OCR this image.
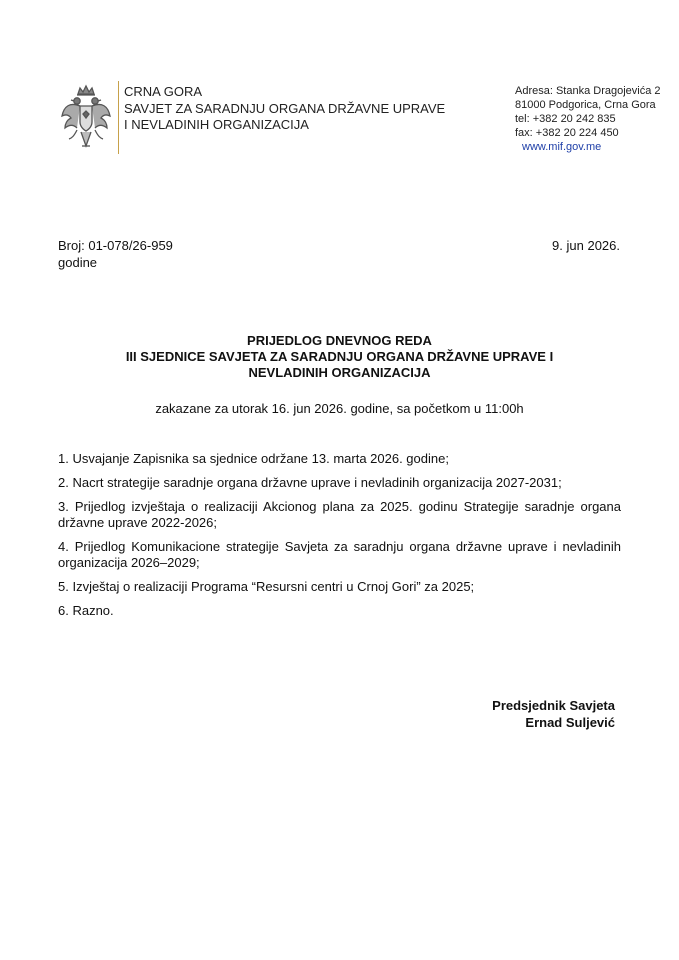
CRNA GORA
SAVJET ZA SARADNJU ORGANA DRŽAVNE UPRAVE
I NEVLADINIH ORGANIZACIJA
Adresa: Stanka Dragojevića 2
81000 Podgorica, Crna Gora
tel: +382 20 242 835
fax: +382 20 224 450
www.mif.gov.me
Broj: 01-078/26-959
godine
9. jun 2026.
PRIJEDLOG DNEVNOG REDA
III SJEDNICE SAVJETA ZA SARADNJU ORGANA DRŽAVNE UPRAVE I
NEVLADINIH ORGANIZACIJA
zakazane za utorak 16. jun 2026. godine, sa početkom u 11:00h
1. Usvajanje Zapisnika sa sjednice održane 13. marta 2026. godine;
2. Nacrt strategije saradnje organa državne uprave i nevladinih organizacija 2027-2031;
3. Prijedlog izvještaja o realizaciji Akcionog plana za 2025. godinu Strategije saradnje organa državne uprave 2022-2026;
4. Prijedlog Komunikacione strategije Savjeta za saradnju organa državne uprave i nevladinih organizacija 2026–2029;
5. Izvještaj o realizaciji Programa “Resursni centri u Crnoj Gori” za 2025;
6. Razno.
Predsjednik Savjeta
Ernad Suljević
